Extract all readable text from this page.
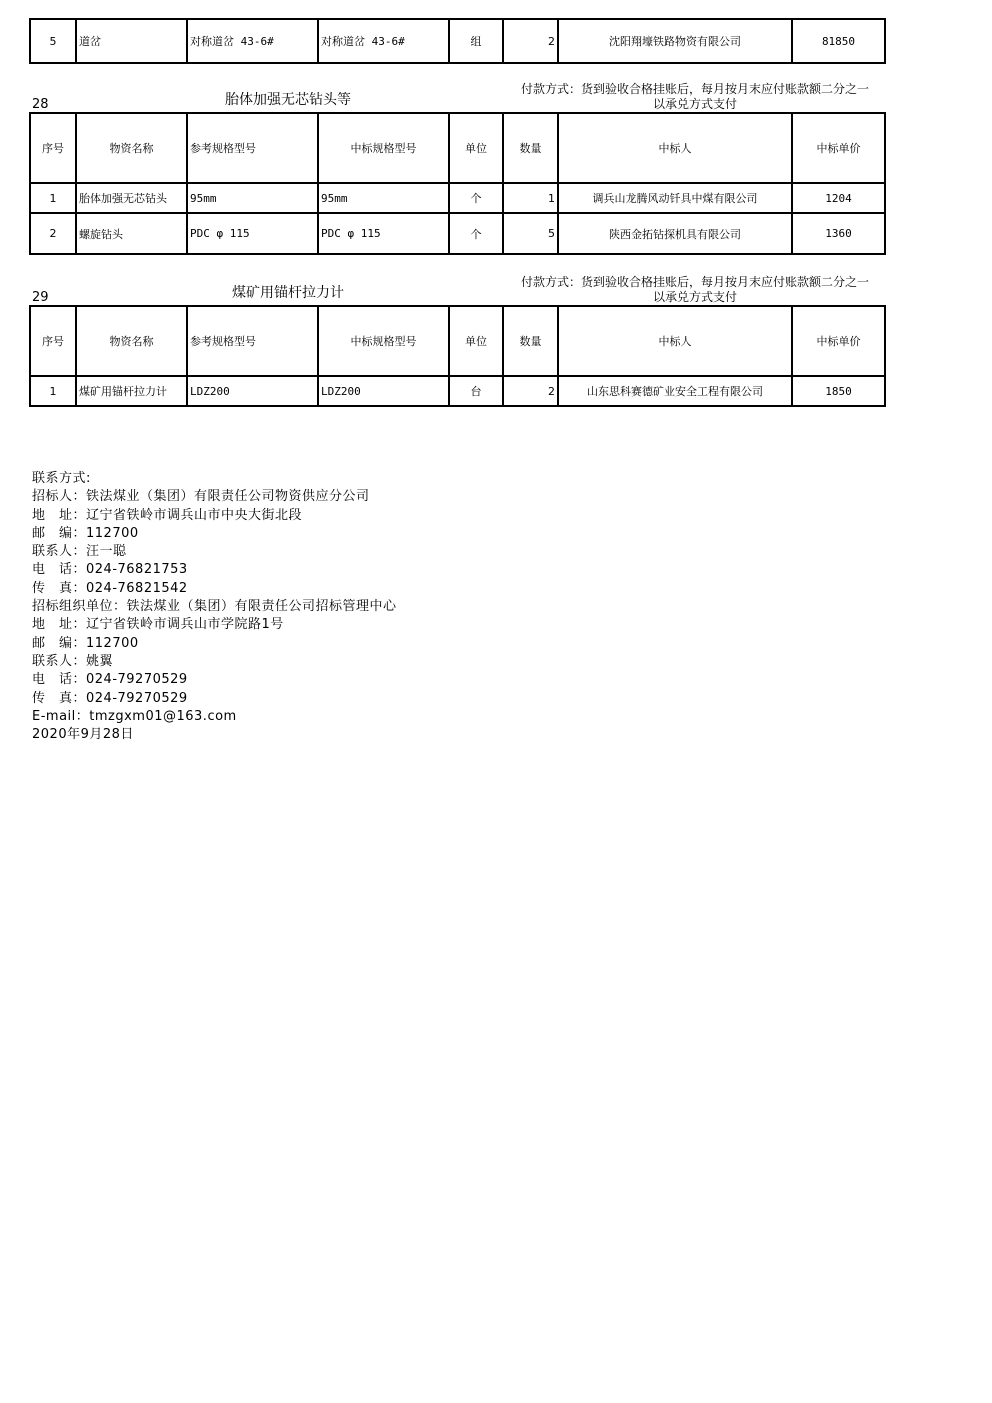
5	道岔	对称道岔 43-6#	对称道岔 43-6#	组	2	沈阳翔壕铁路物资有限公司	81850
28	胎体加强无芯钻头等
付款方式：货到验收合格挂账后，每月按月末应付账款额二分之一
以承兑方式支付
序号	物资名称	参考规格型号	中标规格型号	单位	数量	中标人	中标单价
1	胎体加强无芯钻头	95mm	95mm	个	1	调兵山龙腾风动钎具中煤有限公司	1204
2	螺旋钻头	PDC φ 115	PDC φ 115	个	5	陕西金拓钻探机具有限公司	1360
29	煤矿用锚杆拉力计
付款方式：货到验收合格挂账后，每月按月末应付账款额二分之一
以承兑方式支付
序号	物资名称	参考规格型号	中标规格型号	单位	数量	中标人	中标单价
1	煤矿用锚杆拉力计	LDZ200	LDZ200	台	2	山东思科赛德矿业安全工程有限公司	1850
联系方式:
招标人：铁法煤业（集团）有限责任公司物资供应分公司
地　址：辽宁省铁岭市调兵山市中央大街北段
邮　编：112700
联系人：汪一聪
电　话：024-76821753
传　真：024-76821542
招标组织单位：铁法煤业（集团）有限责任公司招标管理中心
地　址：辽宁省铁岭市调兵山市学院路1号
邮　编：112700
联系人：姚翼
电　话：024-79270529
传　真：024-79270529
E-mail：tmzgxm01@163.com
2020年9月28日
